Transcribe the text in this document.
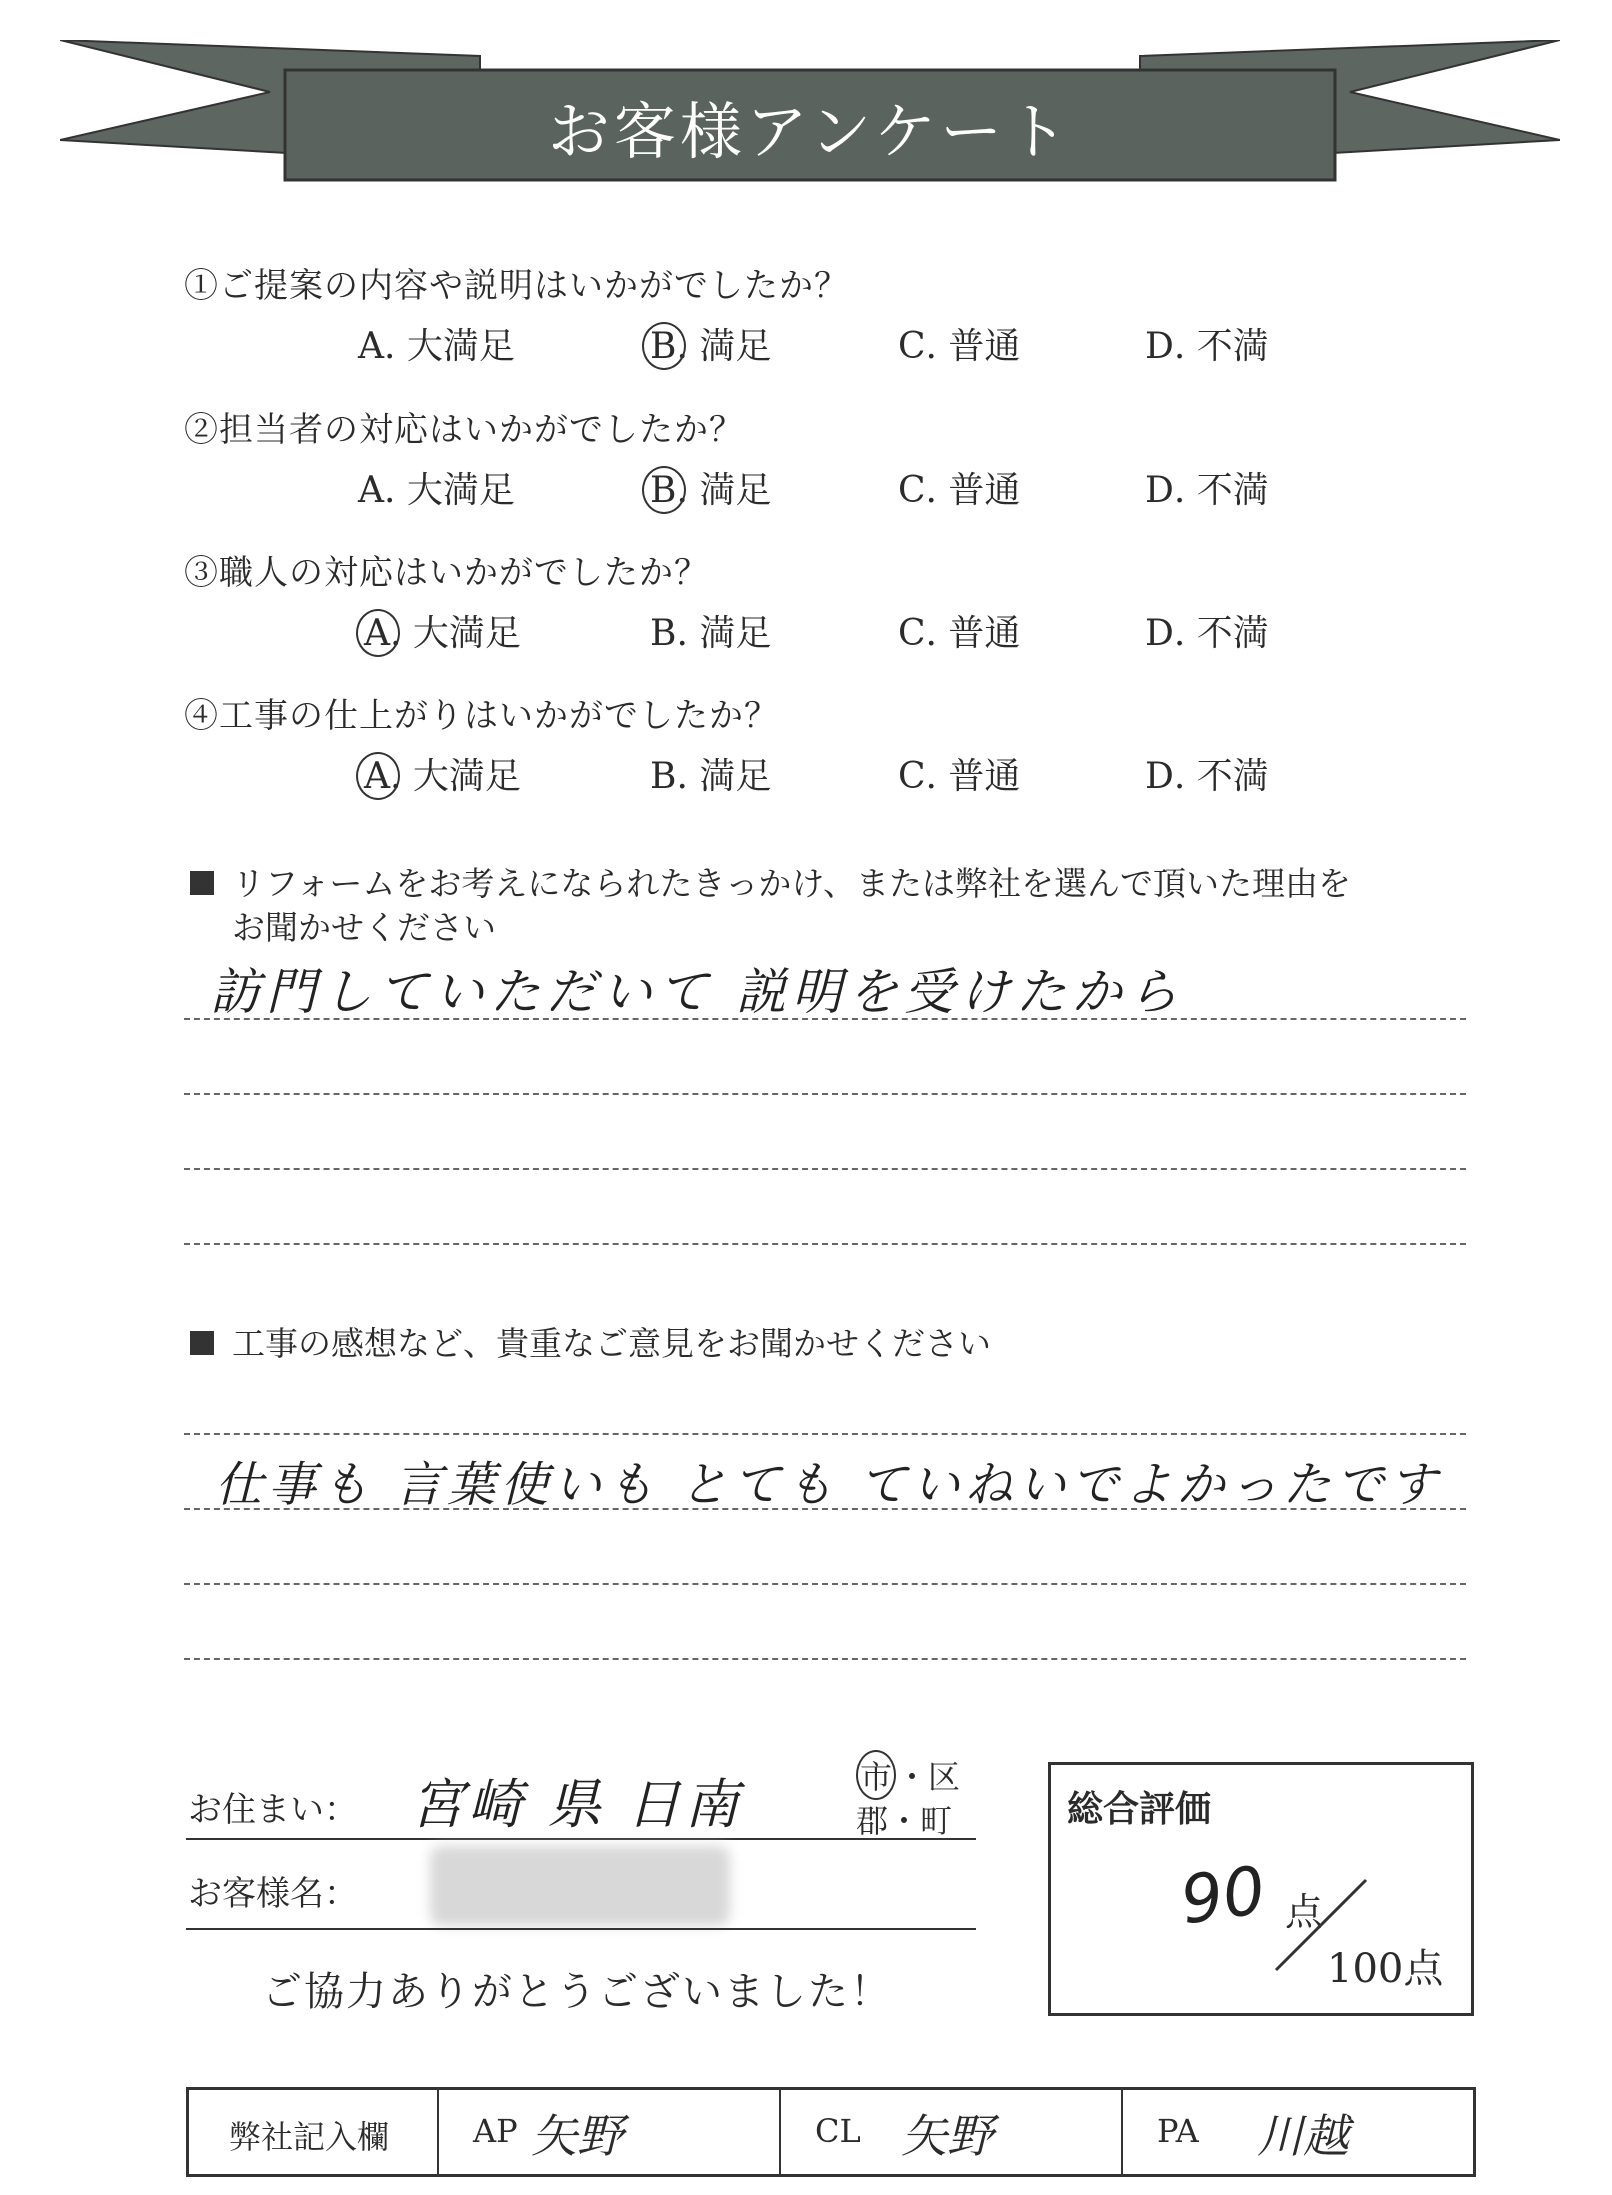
お客様アンケート
①ご提案の内容や説明はいかがでしたか？
A. 大満足	B. 満足	C. 普通	D. 不満
②担当者の対応はいかがでしたか？
A. 大満足	B. 満足	C. 普通	D. 不満
③職人の対応はいかがでしたか？
A. 大満足	B. 満足	C. 普通	D. 不満
④工事の仕上がりはいかがでしたか？
A. 大満足	B. 満足	C. 普通	D. 不満
リフォームをお考えになられたきっかけ、または弊社を選んで頂いた理由を
お聞かせください
訪門していただいて 説明を受けたから
工事の感想など、貴重なご意見をお聞かせください
仕事も 言葉使いも とても ていねいでよかったです
お住まい： 宮崎 県 日南	市 ・区
郡・町
お客様名：
ご協力ありがとうございました！
総合評価
90 点
100点
弊社記入欄	AP 矢野	CL 矢野	PA 川越
